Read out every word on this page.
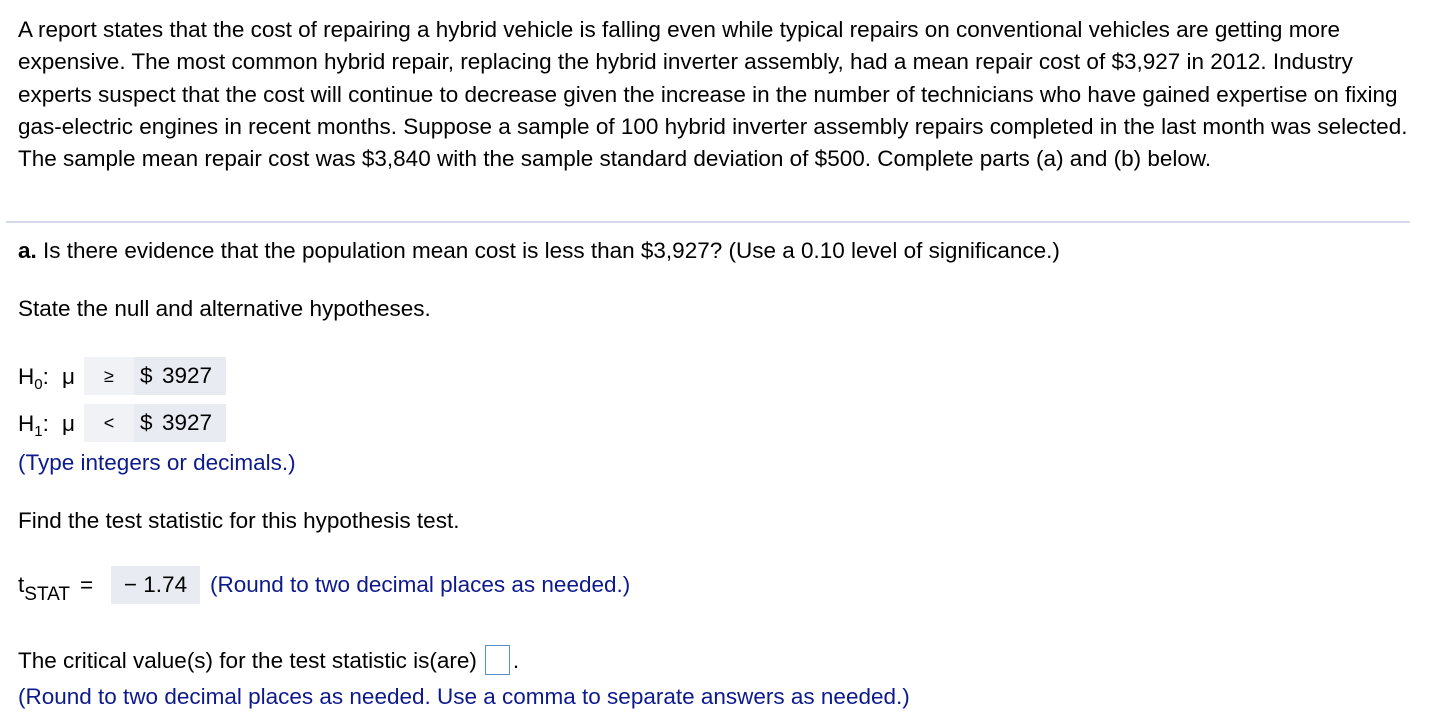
A report states that the cost of repairing a hybrid vehicle is falling even while typical repairs on conventional vehicles are getting more expensive. The most common hybrid repair, replacing the hybrid inverter assembly, had a mean repair cost of $3,927 in 2012. Industry experts suspect that the cost will continue to decrease given the increase in the number of technicians who have gained expertise on fixing gas-electric engines in recent months. Suppose a sample of 100 hybrid inverter assembly repairs completed in the last month was selected. The sample mean repair cost was $3,840 with the sample standard deviation of $500. Complete parts (a) and (b) below.
a. Is there evidence that the population mean cost is less than $3,927? (Use a 0.10 level of significance.)
State the null and alternative hypotheses.
$H_0$: μ	≥	$ 3927
$H_1$: μ	<	$ 3927
(Type integers or decimals.)
Find the test statistic for this hypothesis test.
$t_{STAT}$ =	− 1.74	(Round to two decimal places as needed.)
The critical value(s) for the test statistic is(are) .
(Round to two decimal places as needed. Use a comma to separate answers as needed.)
